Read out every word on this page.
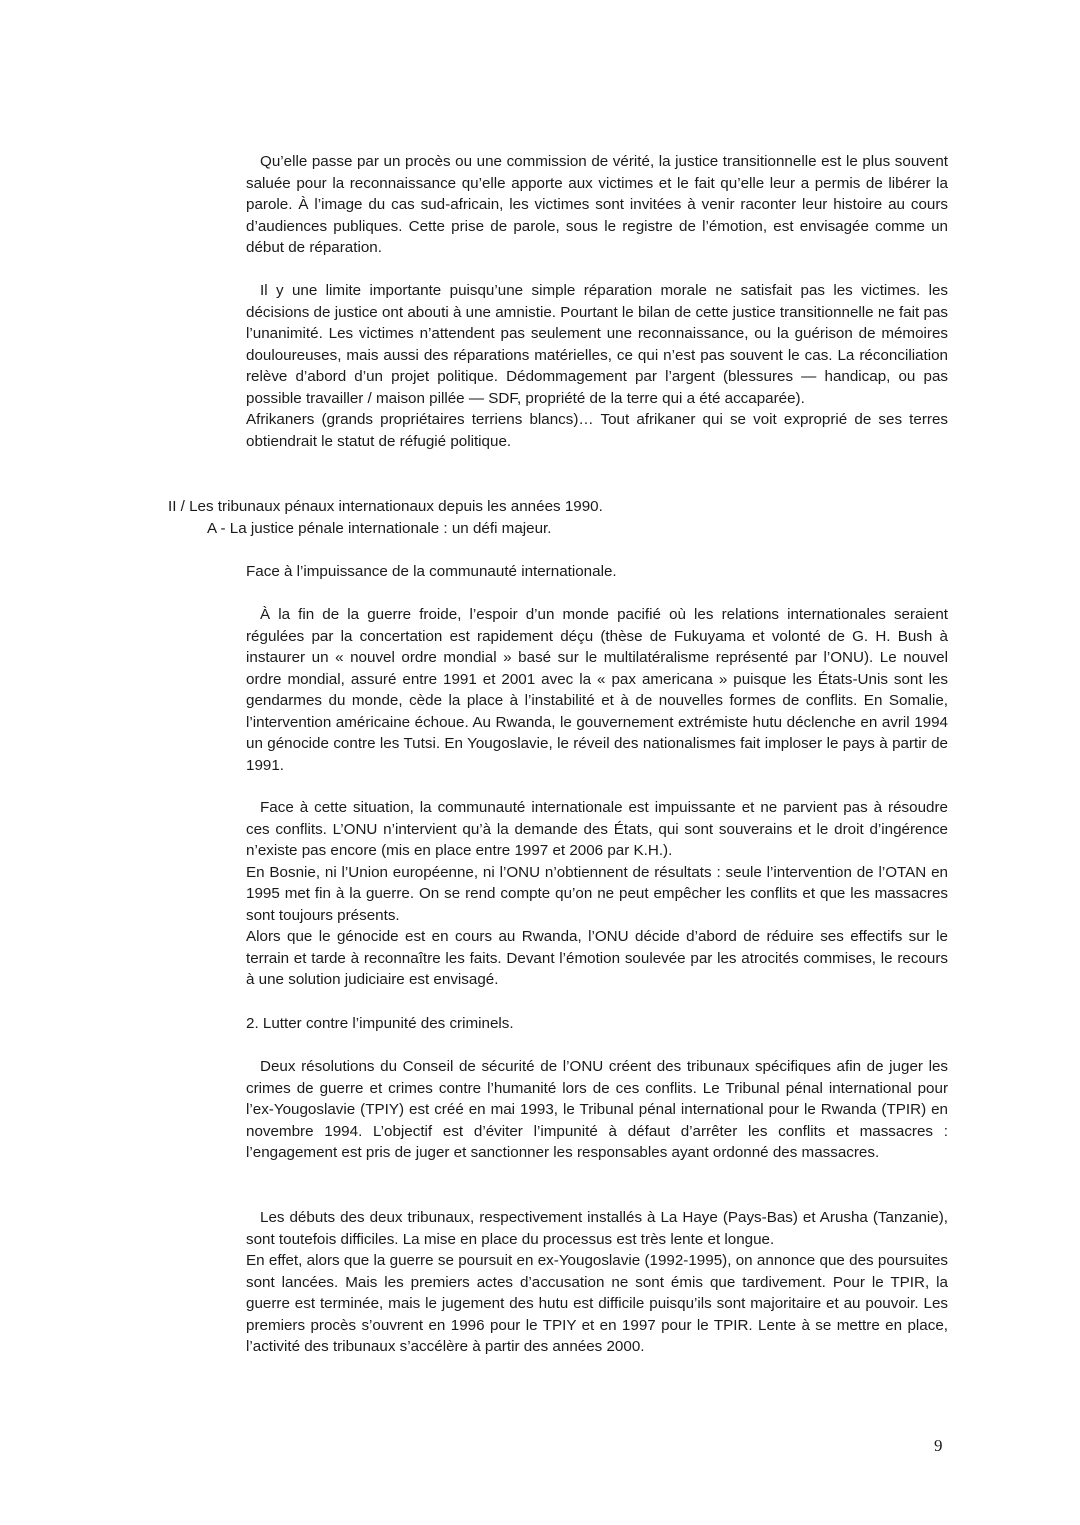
Qu’elle passe par un procès ou une commission de vérité, la justice transitionnelle est le plus souvent saluée pour la reconnaissance qu’elle apporte aux victimes et le fait qu’elle leur a permis de libérer la parole. À l’image du cas sud-africain, les victimes sont invitées à venir raconter leur histoire au cours d’audiences publiques. Cette prise de parole, sous le registre de l’émotion, est envisagée comme un début de réparation.

Il y une limite importante puisqu’une simple réparation morale ne satisfait pas les victimes. les décisions de justice ont abouti à une amnistie. Pourtant le bilan de cette justice transitionnelle ne fait pas l’unanimité. Les victimes n’attendent pas seulement une reconnaissance, ou la guérison de mémoires douloureuses, mais aussi des réparations matérielles, ce qui n’est pas souvent le cas. La réconciliation relève d’abord d’un projet politique. Dédommagement par l’argent (blessures — handicap, ou pas possible travailler / maison pillée — SDF, propriété de la terre qui a été accaparée).

Afrikaners (grands propriétaires terriens blancs)… Tout afrikaner qui se voit exproprié de ses terres obtiendrait le statut de réfugié politique.

II / Les tribunaux pénaux internationaux depuis les années 1990.
A - La justice pénale internationale : un défi majeur.
Face à l’impuissance de la communauté internationale.

À la fin de la guerre froide, l’espoir d’un monde pacifié où les relations internationales seraient régulées par la concertation est rapidement déçu (thèse de Fukuyama et volonté de G. H. Bush à instaurer un « nouvel ordre mondial » basé sur le multilatéralisme représenté par l’ONU). Le nouvel ordre mondial, assuré entre 1991 et 2001 avec la « pax americana » puisque les États-Unis sont les gendarmes du monde, cède la place à l’instabilité et à de nouvelles formes de conflits. En Somalie, l’intervention américaine échoue. Au Rwanda, le gouvernement extrémiste hutu déclenche en avril 1994 un génocide contre les Tutsi. En Yougoslavie, le réveil des nationalismes fait imploser le pays à partir de 1991.

Face à cette situation, la communauté internationale est impuissante et ne parvient pas à résoudre ces conflits. L’ONU n’intervient qu’à la demande des États, qui sont souverains et le droit d’ingérence n’existe pas encore (mis en place entre 1997 et 2006 par K.H.).

En Bosnie, ni l’Union européenne, ni l’ONU n’obtiennent de résultats : seule l’intervention de l’OTAN en 1995 met fin à la guerre. On se rend compte qu’on ne peut empêcher les conflits et que les massacres sont toujours présents.

Alors que le génocide est en cours au Rwanda, l’ONU décide d’abord de réduire ses effectifs sur le terrain et tarde à reconnaître les faits. Devant l’émotion soulevée par les atrocités commises, le recours à une solution judiciaire est envisagé.

2. Lutter contre l’impunité des criminels.

Deux résolutions du Conseil de sécurité de l’ONU créent des tribunaux spécifiques afin de juger les crimes de guerre et crimes contre l’humanité lors de ces conflits. Le Tribunal pénal international pour l’ex-Yougoslavie (TPIY) est créé en mai 1993, le Tribunal pénal international pour le Rwanda (TPIR) en novembre 1994. L’objectif est d’éviter l’impunité à défaut d’arrêter les conflits et massacres : l’engagement est pris de juger et sanctionner les responsables ayant ordonné des massacres.

Les débuts des deux tribunaux, respectivement installés à La Haye (Pays-Bas) et Arusha (Tanzanie), sont toutefois difficiles. La mise en place du processus est très lente et longue.

En effet, alors que la guerre se poursuit en ex-Yougoslavie (1992-1995), on annonce que des poursuites sont lancées. Mais les premiers actes d’accusation ne sont émis que tardivement. Pour le TPIR, la guerre est terminée, mais le jugement des hutu est difficile puisqu’ils sont majoritaire et au pouvoir. Les premiers procès s’ouvrent en 1996 pour le TPIY et en 1997 pour le TPIR. Lente à se mettre en place, l’activité des tribunaux s’accélère à partir des années 2000.

9
